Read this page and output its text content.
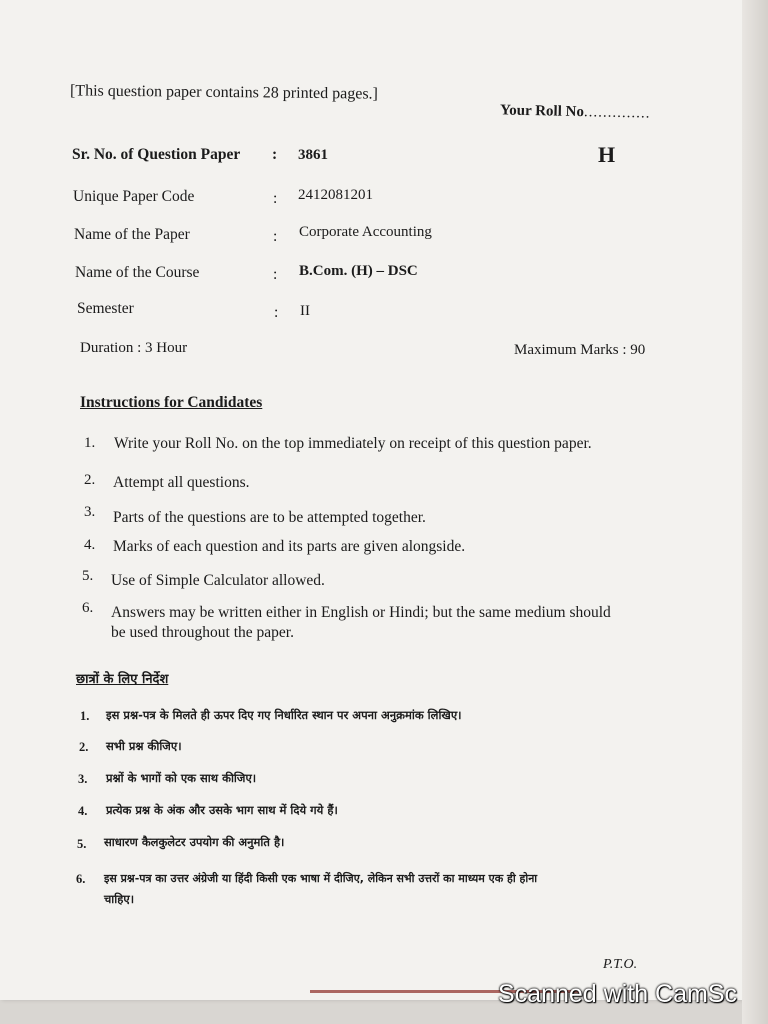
[This question paper contains 28 printed pages.]
Your Roll No..............
H
Sr. No. of Question Paper : 3861
Unique Paper Code	: 2412081201
Name of the Paper	: Corporate Accounting
Name of the Course	: B.Com. (H) – DSC
Semester	: II
Duration : 3 Hour	Maximum Marks : 90
Instructions for Candidates
1. Write your Roll No. on the top immediately on receipt of this question paper.
2. Attempt all questions.
3. Parts of the questions are to be attempted together.
4. Marks of each question and its parts are given alongside.
5. Use of Simple Calculator allowed.
6. Answers may be written either in English or Hindi; but the same medium should
be used throughout the paper.
छात्रों के लिए निर्देश
1. इस प्रश्न-पत्र के मिलते ही ऊपर दिए गए निर्धारित स्थान पर अपना अनुक्रमांक लिखिए।
2. सभी प्रश्न कीजिए।
3. प्रश्नों के भागों को एक साथ कीजिए।
4. प्रत्येक प्रश्न के अंक और उसके भाग साथ में दिये गये हैं।
5. साधारण कैलकुलेटर उपयोग की अनुमति है।
6. इस प्रश्न-पत्र का उत्तर अंग्रेजी या हिंदी किसी एक भाषा में दीजिए, लेकिन सभी उत्तरों का माध्यम एक ही होना
चाहिए।
P.T.O.
Scanned with CamSc
